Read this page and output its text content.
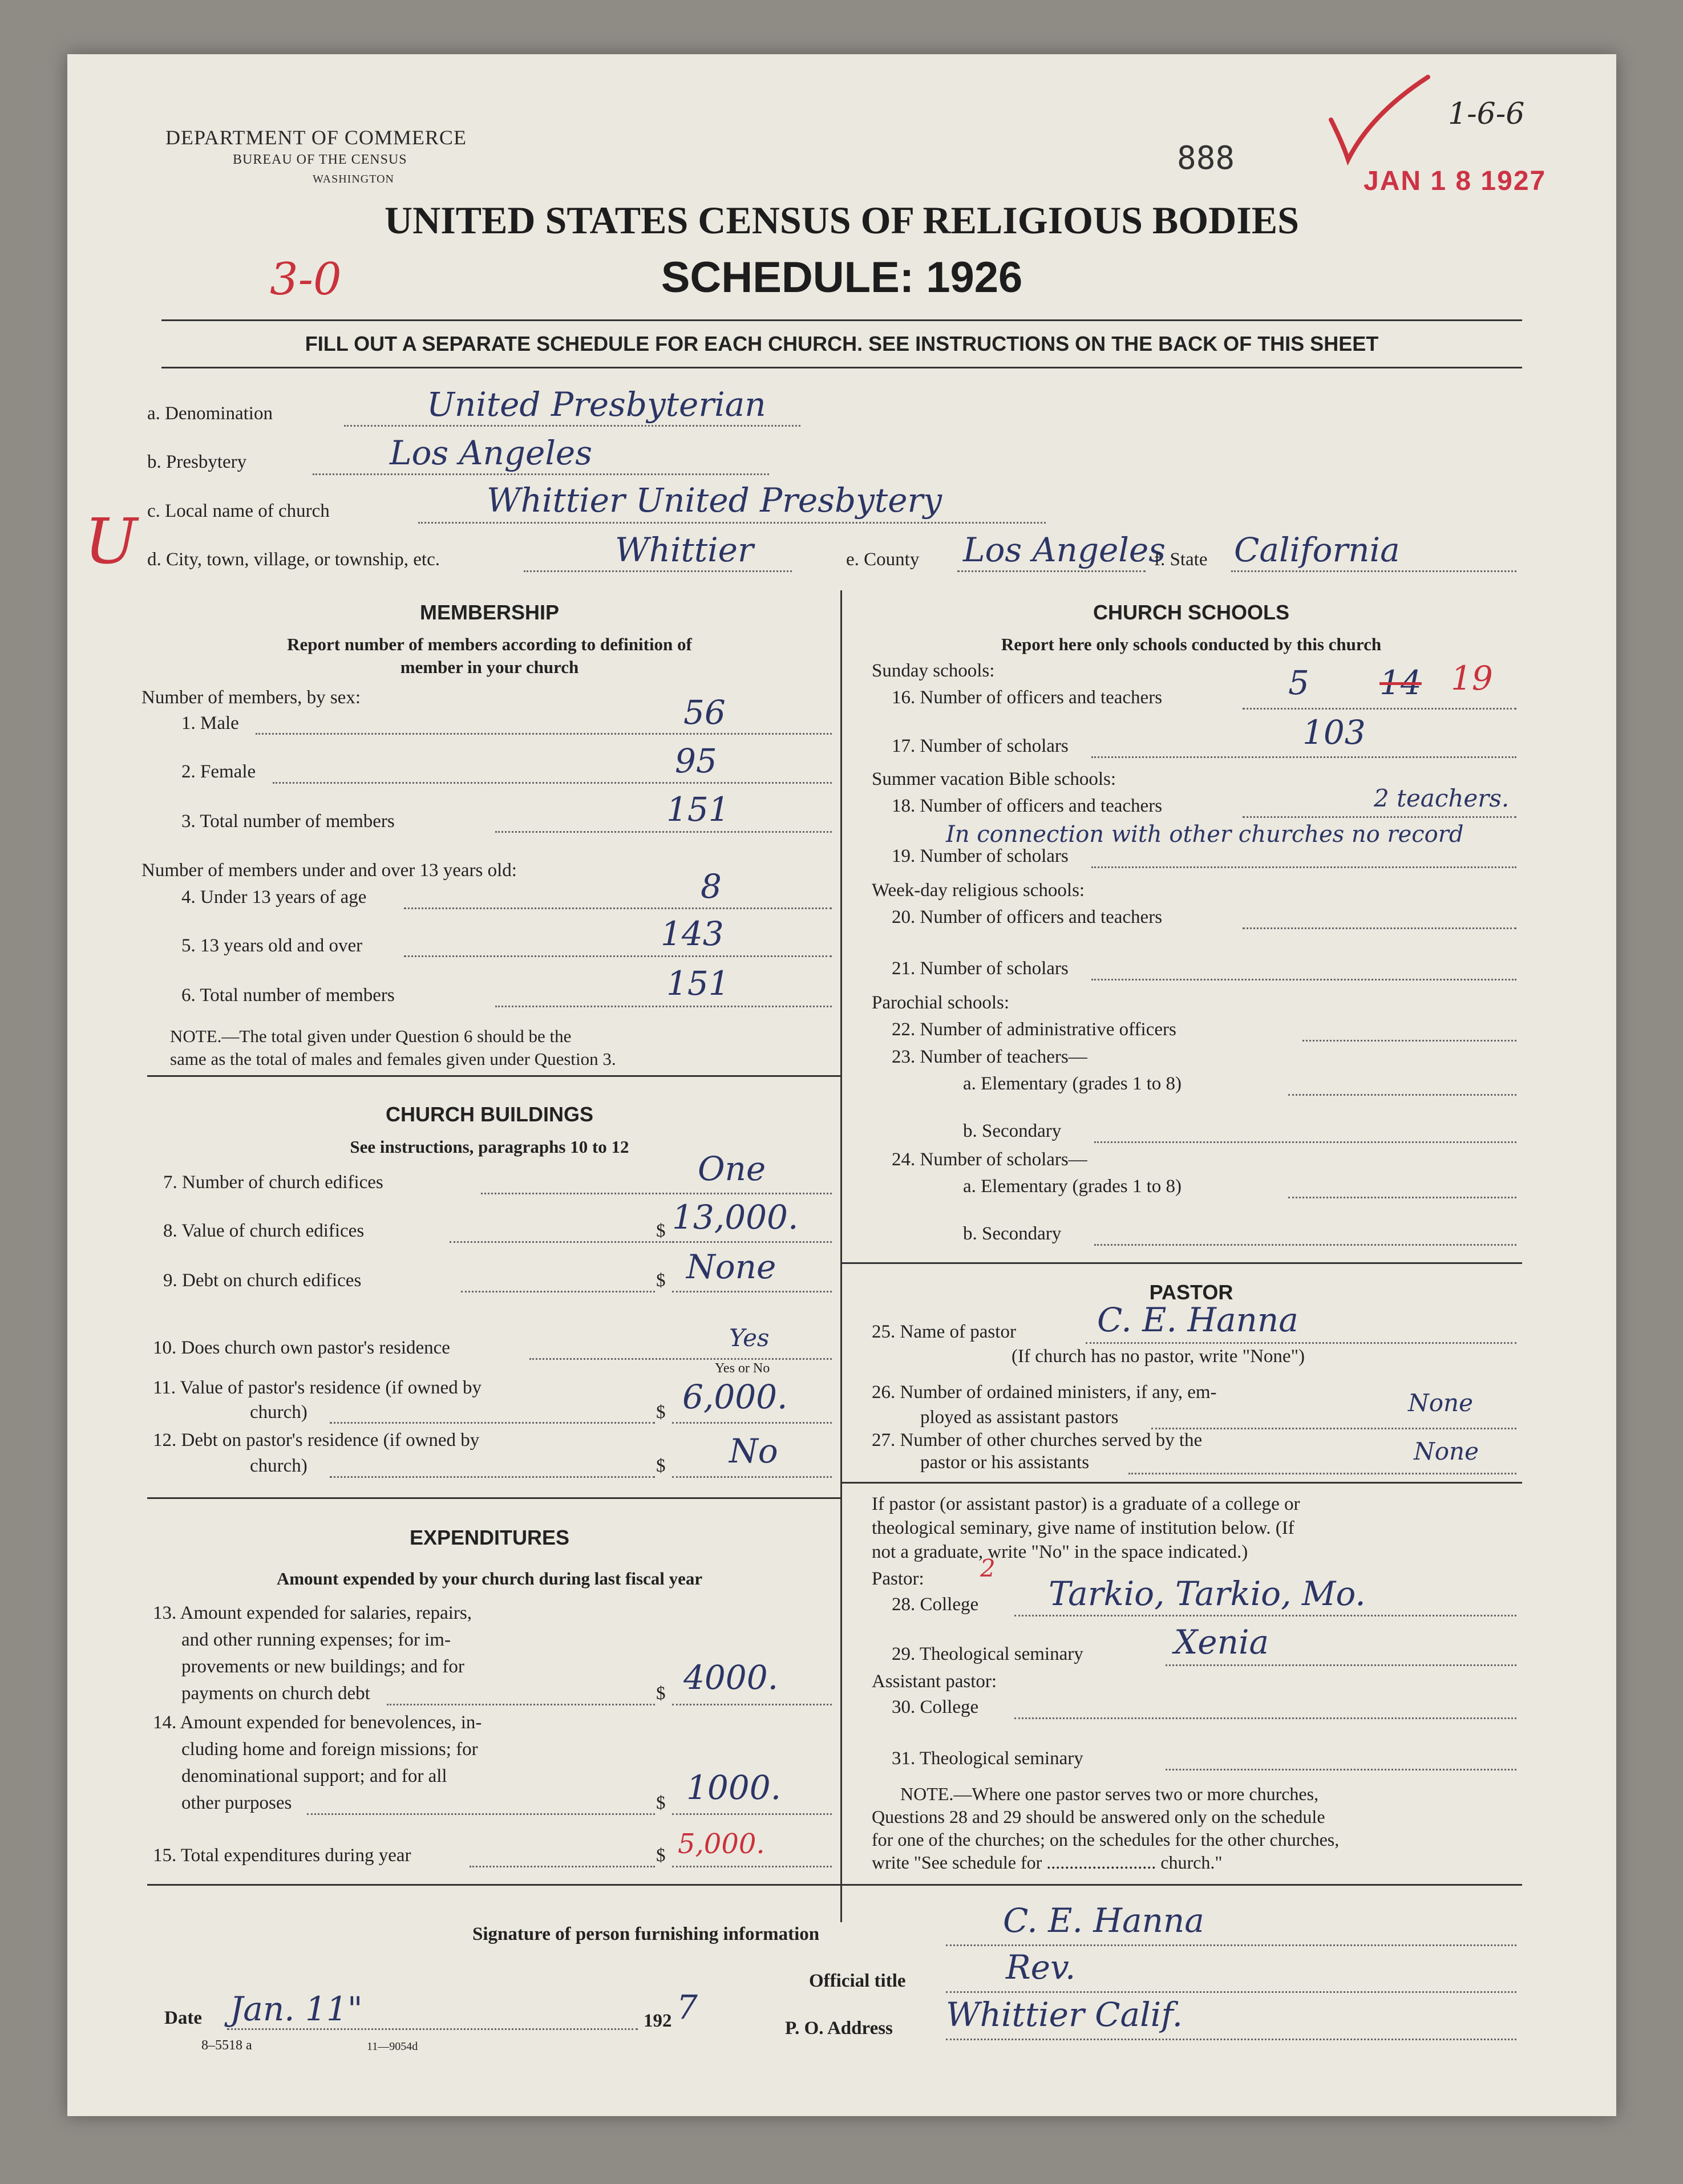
DEPARTMENT OF COMMERCE
BUREAU OF THE CENSUS
WASHINGTON
888
JAN 1 8 1927
1-6-6
3-0
UNITED STATES CENSUS OF RELIGIOUS BODIES
SCHEDULE: 1926
FILL OUT A SEPARATE SCHEDULE FOR EACH CHURCH. SEE INSTRUCTIONS ON THE BACK OF THIS SHEET
a. Denomination	United Presbyterian
b. Presbytery	Los Angeles
c. Local name of church	Whittier United Presbytery
U d. City, town, village, or township, etc.	Whittier	e. County Los Angeles
f. State California
MEMBERSHIP
Report number of members according to definition of
member in your church
Number of members, by sex:
1. Male	56
2. Female	95
3. Total number of members	151
Number of members under and over 13 years old:
4. Under 13 years of age	8
5. 13 years old and over	143
6. Total number of members	151
NOTE.—The total given under Question 6 should be the
same as the total of males and females given under Question 3.
CHURCH BUILDINGS
See instructions, paragraphs 10 to 12
7. Number of church edifices	One
8. Value of church edifices	$ 13,000.
9. Debt on church edifices	$ None
10. Does church own pastor's residence	Yes
Yes or No
11. Value of pastor's residence (if owned by
church)	$ 6,000.
12. Debt on pastor's residence (if owned by
church)	$ No
EXPENDITURES
Amount expended by your church during last fiscal year
13. Amount expended for salaries, repairs,
and other running expenses; for im-
provements or new buildings; and for
payments on church debt	$ 4000.
14. Amount expended for benevolences, in-
cluding home and foreign missions; for
denominational support; and for all
other purposes	$ 1000.
15. Total expenditures during year	$ 5,000.
CHURCH SCHOOLS
Report here only schools conducted by this church
Sunday schools:
16. Number of officers and teachers	5 14 19
17. Number of scholars	103
Summer vacation Bible schools:
18. Number of officers and teachers	2 teachers.
19. Number of scholars
In connection with other churches no record
Week-day religious schools:
20. Number of officers and teachers
21. Number of scholars
Parochial schools:
22. Number of administrative officers
23. Number of teachers—
a. Elementary (grades 1 to 8)
b. Secondary
24. Number of scholars—
a. Elementary (grades 1 to 8)
b. Secondary
PASTOR
25. Name of pastor C. E. Hanna
(If church has no pastor, write "None")
26. Number of ordained ministers, if any, em-
ployed as assistant pastors
None
27. Number of other churches served by the
pastor or his assistants	None
If pastor (or assistant pastor) is a graduate of a college or
theological seminary, give name of institution below. (If
not a graduate, write "No" in the space indicated.)
Pastor: 2
28. College Tarkio, Tarkio, Mo.
29. Theological seminary	Xenia
Assistant pastor:
30. College
31. Theological seminary
NOTE.—Where one pastor serves two or more churches,
Questions 28 and 29 should be answered only on the schedule
for one of the churches; on the schedules for the other churches,
write "See schedule for ........................ church."
Signature of person furnishing information	C. E. Hanna
Official title	Rev.
Date Jan. 11"	192 7
P. O. Address Whittier Calif.
8–5518 a	11—9054d
